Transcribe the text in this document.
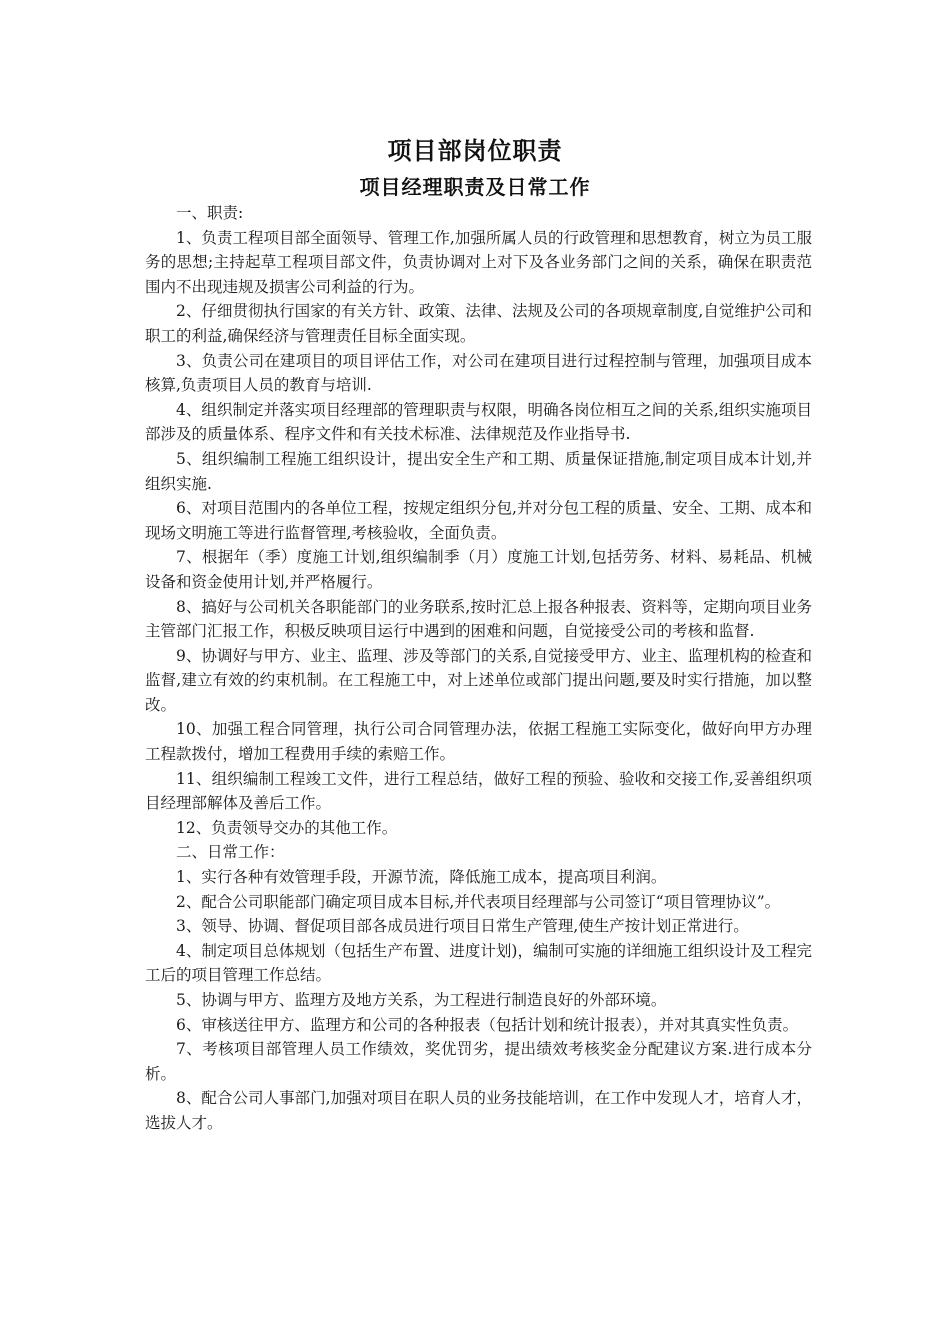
项目部岗位职责
项目经理职责及日常工作

一、职责:

1、负责工程项目部全面领导、管理工作,加强所属人员的行政管理和思想教育，树立为员工服务的思想;主持起草工程项目部文件，负责协调对上对下及各业务部门之间的关系，确保在职责范围内不出现违规及损害公司利益的行为。

2、仔细贯彻执行国家的有关方针、政策、法律、法规及公司的各项规章制度,自觉维护公司和职工的利益,确保经济与管理责任目标全面实现。

3、负责公司在建项目的项目评估工作，对公司在建项目进行过程控制与管理，加强项目成本核算,负责项目人员的教育与培训.

4、组织制定并落实项目经理部的管理职责与权限，明确各岗位相互之间的关系,组织实施项目部涉及的质量体系、程序文件和有关技术标准、法律规范及作业指导书.

5、组织编制工程施工组织设计，提出安全生产和工期、质量保证措施,制定项目成本计划,并组织实施.

6、对项目范围内的各单位工程，按规定组织分包,并对分包工程的质量、安全、工期、成本和现场文明施工等进行监督管理,考核验收，全面负责。

7、根据年（季）度施工计划,组织编制季（月）度施工计划,包括劳务、材料、易耗品、机械设备和资金使用计划,并严格履行。

8、搞好与公司机关各职能部门的业务联系,按时汇总上报各种报表、资料等，定期向项目业务主管部门汇报工作，积极反映项目运行中遇到的困难和问题，自觉接受公司的考核和监督.

9、协调好与甲方、业主、监理、涉及等部门的关系,自觉接受甲方、业主、监理机构的检查和监督,建立有效的约束机制。在工程施工中，对上述单位或部门提出问题,要及时实行措施，加以整改。

10、加强工程合同管理，执行公司合同管理办法，依据工程施工实际变化，做好向甲方办理工程款拨付，增加工程费用手续的索赔工作。

11、组织编制工程竣工文件，进行工程总结，做好工程的预验、验收和交接工作,妥善组织项目经理部解体及善后工作。

12、负责领导交办的其他工作。

二、日常工作：

1、实行各种有效管理手段，开源节流，降低施工成本，提高项目利润。

2、配合公司职能部门确定项目成本目标,并代表项目经理部与公司签订“项目管理协议”。

3、领导、协调、督促项目部各成员进行项目日常生产管理,使生产按计划正常进行。

4、制定项目总体规划（包括生产布置、进度计划)，编制可实施的详细施工组织设计及工程完工后的项目管理工作总结。

5、协调与甲方、监理方及地方关系，为工程进行制造良好的外部环境。

6、审核送往甲方、监理方和公司的各种报表（包括计划和统计报表），并对其真实性负责。

7、考核项目部管理人员工作绩效，奖优罚劣，提出绩效考核奖金分配建议方案.进行成本分析。

8、配合公司人事部门,加强对项目在职人员的业务技能培训，在工作中发现人才，培育人才，选拔人才。
